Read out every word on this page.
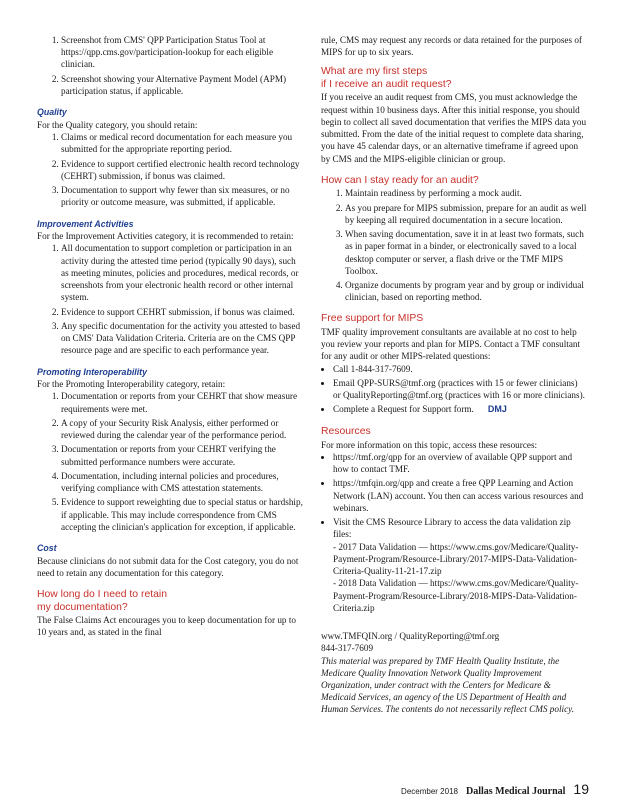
1. Screenshot from CMS' QPP Participation Status Tool at https://qpp.cms.gov/participation-lookup for each eligible clinician.
2. Screenshot showing your Alternative Payment Model (APM) participation status, if applicable.
Quality

For the Quality category, you should retain:

1. Claims or medical record documentation for each measure you submitted for the appropriate reporting period.
2. Evidence to support certified electronic health record technology (CEHRT) submission, if bonus was claimed.
3. Documentation to support why fewer than six measures, or no priority or outcome measure, was submitted, if applicable.
Improvement Activities

For the Improvement Activities category, it is recommended to retain:

1. All documentation to support completion or participation in an activity during the attested time period (typically 90 days), such as meeting minutes, policies and procedures, medical records, or screenshots from your electronic health record or other internal system.
2. Evidence to support CEHRT submission, if bonus was claimed.
3. Any specific documentation for the activity you attested to based on CMS' Data Validation Criteria. Criteria are on the CMS QPP resource page and are specific to each performance year.
Promoting Interoperability

For the Promoting Interoperability category, retain:

1. Documentation or reports from your CEHRT that show measure requirements were met.
2. A copy of your Security Risk Analysis, either performed or reviewed during the calendar year of the performance period.
3. Documentation or reports from your CEHRT verifying the submitted performance numbers were accurate.
4. Documentation, including internal policies and procedures, verifying compliance with CMS attestation statements.
5. Evidence to support reweighting due to special status or hardship, if applicable. This may include correspondence from CMS accepting the clinician's application for exception, if applicable.
Cost

Because clinicians do not submit data for the Cost category, you do not need to retain any documentation for this category.

How long do I need to retain
my documentation?

The False Claims Act encourages you to keep documentation for up to 10 years and, as stated in the final

rule, CMS may request any records or data retained for the purposes of MIPS for up to six years.

What are my first steps
if I receive an audit request?

If you receive an audit request from CMS, you must acknowledge the request within 10 business days. After this initial response, you should begin to collect all saved documentation that verifies the MIPS data you submitted. From the date of the initial request to complete data sharing, you have 45 calendar days, or an alternative timeframe if agreed upon by CMS and the MIPS-eligible clinician or group.

How can I stay ready for an audit?
1. Maintain readiness by performing a mock audit.
2. As you prepare for MIPS submission, prepare for an audit as well by keeping all required documentation in a secure location.
3. When saving documentation, save it in at least two formats, such as in paper format in a binder, or electronically saved to a local desktop computer or server, a flash drive or the TMF MIPS Toolbox.
4. Organize documents by program year and by group or individual clinician, based on reporting method.
Free support for MIPS

TMF quality improvement consultants are available at no cost to help you review your reports and plan for MIPS. Contact a TMF consultant for any audit or other MIPS-related questions:

• Call 1-844-317-7609.
• Email QPP-SURS@tmf.org (practices with 15 or fewer clinicians) or QualityReporting@tmf.org (practices with 16 or more clinicians).
• Complete a Request for Support form. DMJ
Resources

For more information on this topic, access these resources:

• https://tmf.org/qpp for an overview of available QPP support and how to contact TMF.
• https://tmfqin.org/qpp and create a free QPP Learning and Action Network (LAN) account. You then can access various resources and webinars.
• Visit the CMS Resource Library to access the data validation zip files:
- 2017 Data Validation — https://www.cms.gov/Medicare/Quality-Payment-Program/Resource-Library/2017-MIPS-Data-Validation-Criteria-Quality-11-21-17.zip
- 2018 Data Validation — https://www.cms.gov/Medicare/Quality-Payment-Program/Resource-Library/2018-MIPS-Data-Validation-Criteria.zip
www.TMFQIN.org / QualityReporting@tmf.org
844-317-7609

This material was prepared by TMF Health Quality Institute, the Medicare Quality Innovation Network Quality Improvement Organization, under contract with the Centers for Medicare & Medicaid Services, an agency of the US Department of Health and Human Services. The contents do not necessarily reflect CMS policy.

December 2018 Dallas Medical Journal 19
